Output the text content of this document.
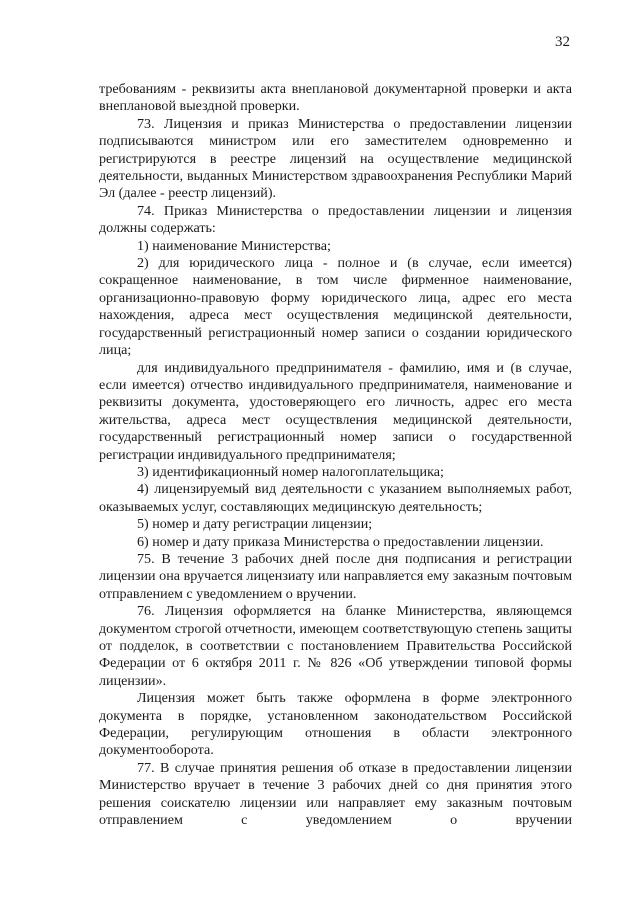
32

требованиям - реквизиты акта внеплановой документарной проверки и акта внеплановой выездной проверки.

73. Лицензия и приказ Министерства о предоставлении лицензии подписываются министром или его заместителем одновременно и регистрируются в реестре лицензий на осуществление медицинской деятельности, выданных Министерством здравоохранения Республики Марий Эл (далее - реестр лицензий).

74. Приказ Министерства о предоставлении лицензии и лицензия должны содержать:

1) наименование Министерства;

2) для юридического лица - полное и (в случае, если имеется) сокращенное наименование, в том числе фирменное наименование, организационно-правовую форму юридического лица, адрес его места нахождения, адреса мест осуществления медицинской деятельности, государственный регистрационный номер записи о создании юридического лица;

для индивидуального предпринимателя - фамилию, имя и (в случае, если имеется) отчество индивидуального предпринимателя, наименование и реквизиты документа, удостоверяющего его личность, адрес его места жительства, адреса мест осуществления медицинской деятельности, государственный регистрационный номер записи о государственной регистрации индивидуального предпринимателя;

3) идентификационный номер налогоплательщика;

4) лицензируемый вид деятельности с указанием выполняемых работ, оказываемых услуг, составляющих медицинскую деятельность;

5) номер и дату регистрации лицензии;

6) номер и дату приказа Министерства о предоставлении лицензии.

75. В течение 3 рабочих дней после дня подписания и регистрации лицензии она вручается лицензиату или направляется ему заказным почтовым отправлением с уведомлением о вручении.

76. Лицензия оформляется на бланке Министерства, являющемся документом строгой отчетности, имеющем соответствующую степень защиты от подделок, в соответствии с постановлением Правительства Российской Федерации от 6 октября 2011 г. № 826 «Об утверждении типовой формы лицензии».

Лицензия может быть также оформлена в форме электронного документа в порядке, установленном законодательством Российской Федерации, регулирующим отношения в области электронного документооборота.

77. В случае принятия решения об отказе в предоставлении лицензии Министерство вручает в течение 3 рабочих дней со дня принятия этого решения соискателю лицензии или направляет ему заказным почтовым отправлением с уведомлением о вручении
